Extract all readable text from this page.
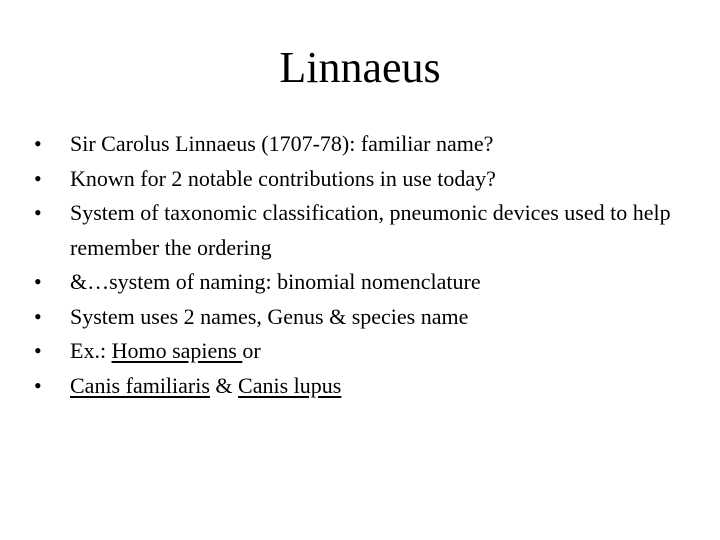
Linnaeus
• Sir Carolus Linnaeus (1707-78): familiar name?
• Known for 2 notable contributions in use today?
• System of taxonomic classification, pneumonic devices used to help remember the ordering
• &…system of naming: binomial nomenclature
• System uses 2 names, Genus & species name
• Ex.: Homo sapiens or
• Canis familiaris & Canis lupus
